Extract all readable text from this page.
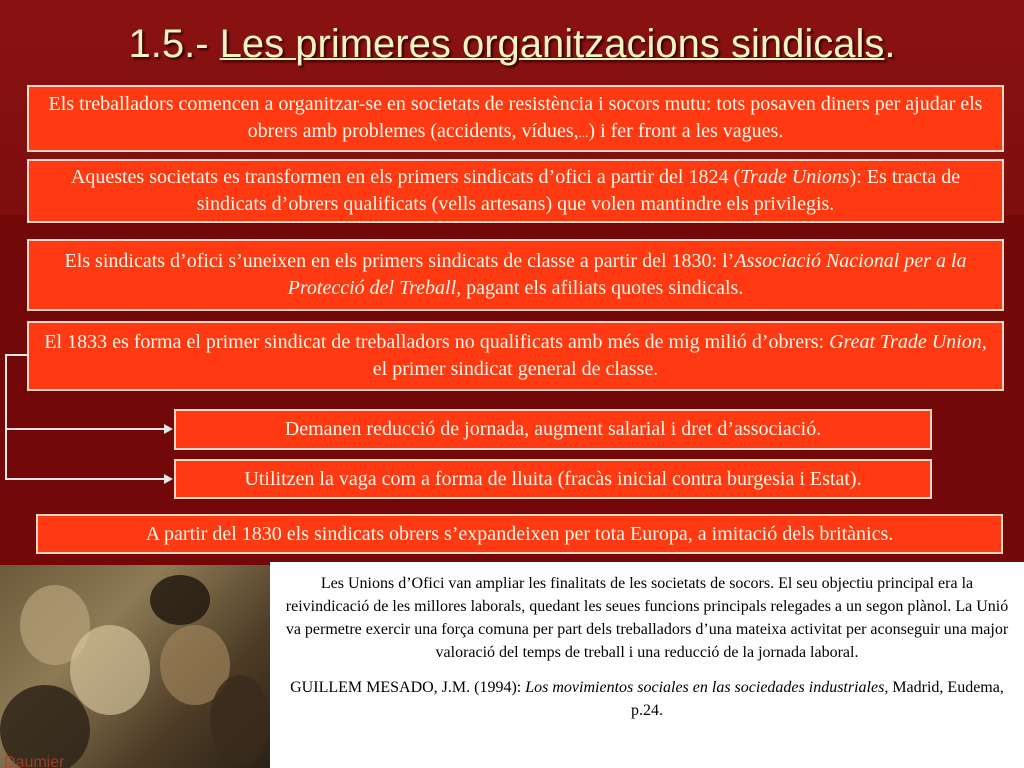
1.5.- Les primeres organitzacions sindicals.
Els treballadors comencen a organitzar-se en societats de resistència i socors mutu: tots posaven diners per ajudar els obrers amb problemes (accidents, vídues,...) i fer front a les vagues.
Aquestes societats es transformen en els primers sindicats d’ofici a partir del 1824 (Trade Unions): Es tracta de sindicats d’obrers qualificats (vells artesans) que volen mantindre els privilegis.
Els sindicats d’ofici s’uneixen en els primers sindicats de classe a partir del 1830: l’Associació Nacional per a la Protecció del Treball, pagant els afiliats quotes sindicals.
El 1833 es forma el primer sindicat de treballadors no qualificats amb més de mig milió d’obrers: Great Trade Union, el primer sindicat general de classe.
Demanen reducció de jornada, augment salarial i dret d’associació.
Utilitzen la vaga com a forma de lluita (fracàs inicial contra burgesia i Estat).
A partir del 1830 els sindicats obrers s’expandeixen per tota Europa, a imitació dels britànics.
Daumier

Les Unions d’Ofici van ampliar les finalitats de les societats de socors. El seu objectiu principal era la reivindicació de les millores laborals, quedant les seues funcions principals relegades a un segon plànol. La Unió va permetre exercir una força comuna per part dels treballadors d’una mateixa activitat per aconseguir una major valoració del temps de treball i una reducció de la jornada laboral.

GUILLEM MESADO, J.M. (1994): Los movimientos sociales en las sociedades industriales, Madrid, Eudema, p.24.
